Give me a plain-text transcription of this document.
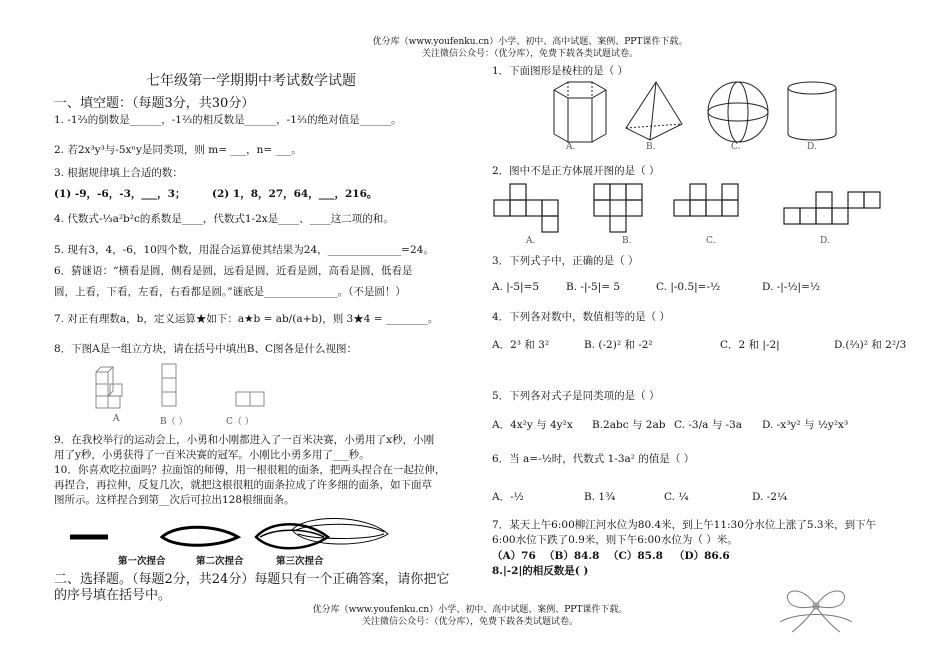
优分库（www.youfenku.cn）小学、初中、高中试题、案例、PPT课件下载。
关注微信公众号：（优分库），免费下载各类试题试卷。
七年级第一学期期中考试数学试题
一、填空题：（每题3分，共30分）
1. -1⅔的倒数是______，-1⅔的相反数是______，-1⅔的绝对值是______。
2. 若2x³y³与-5xⁿy是同类项，则 m= ___，n= ___。
3. 根据规律填上合适的数：
(1) -9，-6，-3，___，3；	(2) 1，8，27，64，___，216。
4. 代数式-⅓a²b²c的系数是____，代数式1-2x是____、____这二项的和。
5. 现有3，4，-6，10四个数，用混合运算使其结果为24，______________=24。
6．猜谜语：“横看是圆，侧看是圆，远看是圆，近看是圆，高看是圆，低看是
圆，上看，下看，左看，右看都是圆。”谜底是______________。（不是圆！）
7. 对正有理数a，b，定义运算★如下：a★b = ab/(a+b)，则 3★4 = ________。
8．下图A是一组立方块，请在括号中填出B、C图各是什么视图：
A	B（ ）	C（ ）
9．在我校举行的运动会上，小勇和小刚都进入了一百米决赛，小勇用了x秒，小刚
用了y秒，小勇获得了一百米决赛的冠军。小刚比小勇多用了___秒。
10．你喜欢吃拉面吗？拉面馆的师傅，用一根很粗的面条，把两头捏合在一起拉伸，
再捏合，再拉伸，反复几次，就把这根很粗的面条拉成了许多细的面条，如下面草
图所示。这样捏合到第__次后可拉出128根细面条。
第一次捏合	第二次捏合	第三次捏合
二、选择题。（每题2分，共24分）每题只有一个正确答案，请你把它
的序号填在括号中。
1．下面图形是棱柱的是（ ）
A.	B.	C.	D.
2．图中不是正方体展开图的是（ ）
A.	B.	C.	D.
3．下列式子中，正确的是（ ）
A. |-5|=5	B. -|-5|= 5	C. |-0.5|=-½	D. -|-½|=½
4．下列各对数中，数值相等的是（ ）
A．2³ 和 3²	B. (-2)² 和 -2²	C．2 和 |-2|	D.(⅔)² 和 2²/3
5．下列各对式子是同类项的是（ ）
A．4x²y 与 4y²x B.2abc 与 2ab C. -3/a 与 -3a D. -x³y² 与 ½y²x³
6．当 a=-½时，代数式 1-3a² 的值是（ ）
A．-½	B. 1¾	C. ¼	D. -2¼
7．某天上午6:00柳江河水位为80.4米，到上午11:30分水位上涨了5.3米，到下午
6:00水位下跌了0.9米，则下午6:00水位为（ ）米。
（A）76 （B）84.8 （C）85.8 （D）86.6
8.|-2|的相反数是( )
优分库（www.youfenku.cn）小学、初中、高中试题、案例、PPT课件下载。
关注微信公众号：（优分库），免费下载各类试题试卷。
